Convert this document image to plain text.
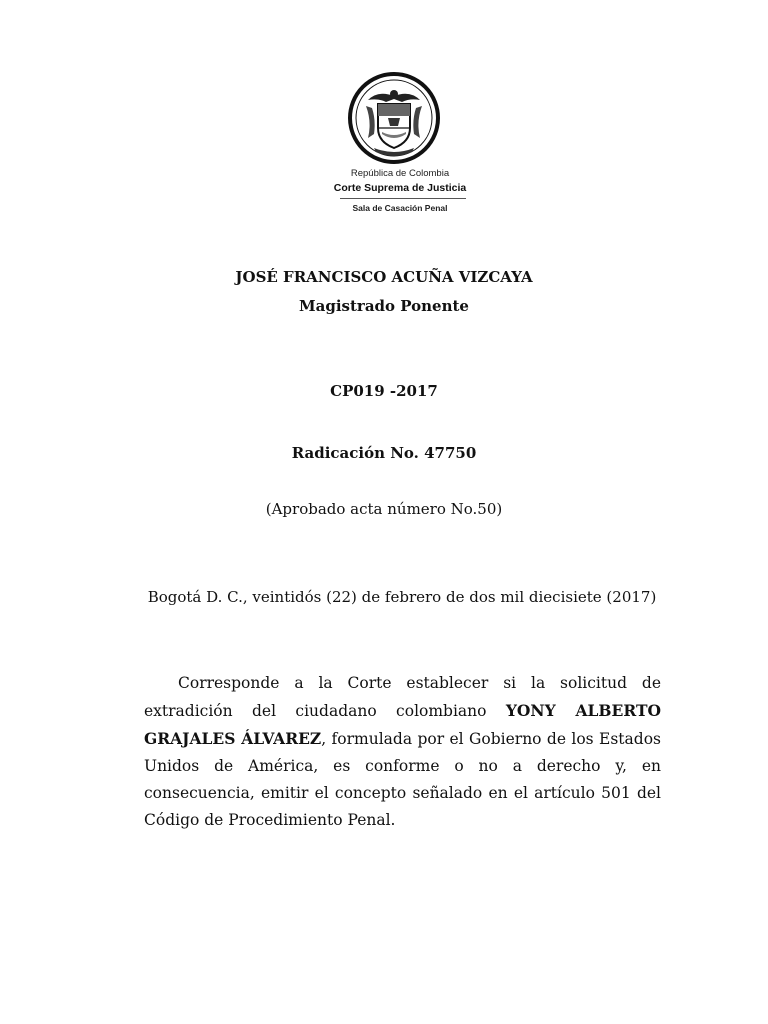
República de Colombia
Corte Suprema de Justicia
Sala de Casación Penal
JOSÉ FRANCISCO ACUÑA VIZCAYA
Magistrado Ponente
CP019 -2017
Radicación No. 47750
(Aprobado acta número No.50)
Bogotá D. C., veintidós (22) de febrero de dos mil diecisiete (2017)
Corresponde a la Corte establecer si la solicitud de extradición del ciudadano colombiano YONY ALBERTO GRAJALES ÁLVAREZ, formulada por el Gobierno de los Estados Unidos de América, es conforme o no a derecho y, en consecuencia, emitir el concepto señalado en el artículo 501 del Código de Procedimiento Penal.
